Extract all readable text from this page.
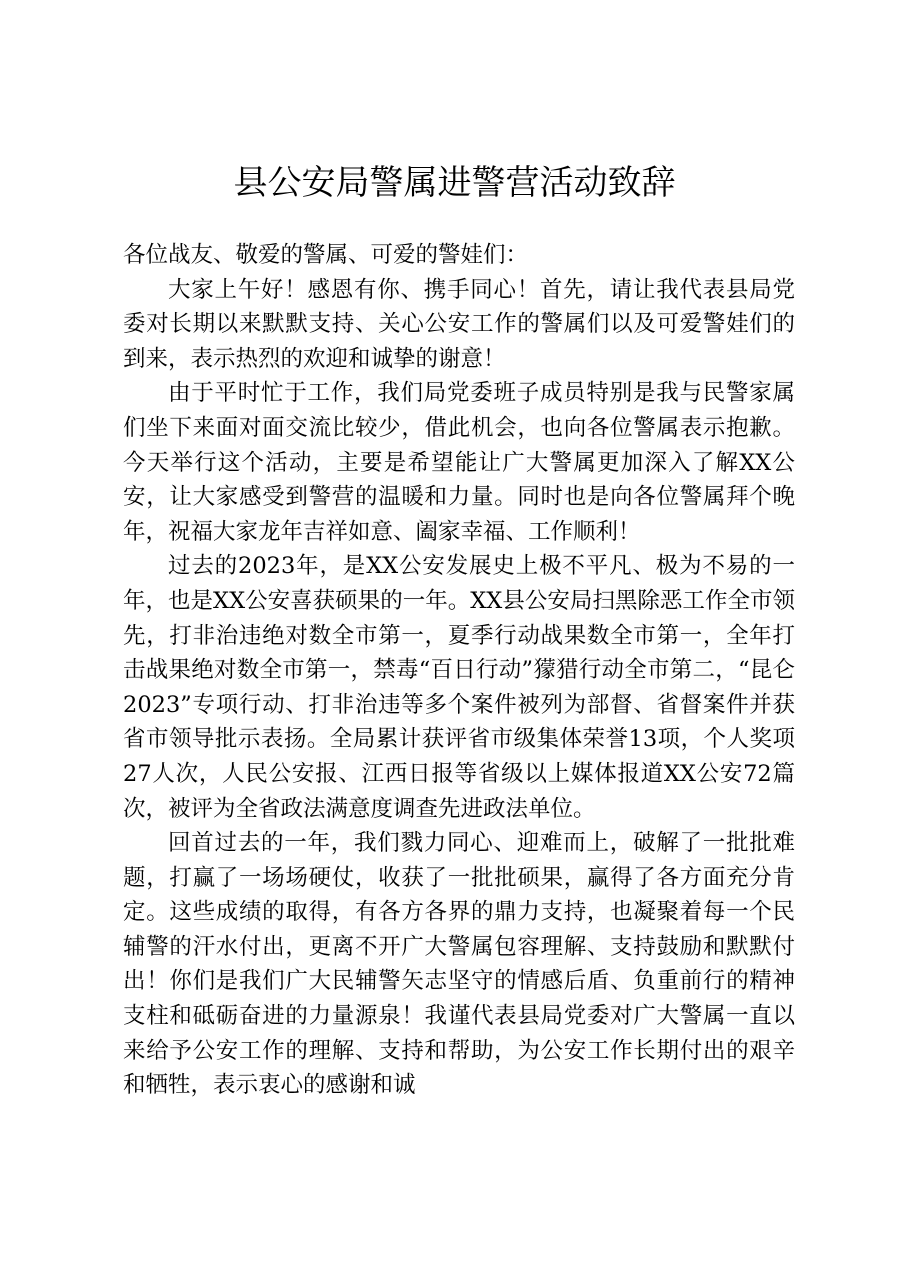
县公安局警属进警营活动致辞

各位战友、敬爱的警属、可爱的警娃们：

大家上午好！感恩有你、携手同心！首先，请让我代表县局党委对长期以来默默支持、关心公安工作的警属们以及可爱警娃们的到来，表示热烈的欢迎和诚挚的谢意！

由于平时忙于工作，我们局党委班子成员特别是我与民警家属们坐下来面对面交流比较少，借此机会，也向各位警属表示抱歉。今天举行这个活动，主要是希望能让广大警属更加深入了解XX公安，让大家感受到警营的温暖和力量。同时也是向各位警属拜个晚年，祝福大家龙年吉祥如意、阖家幸福、工作顺利！

过去的2023年，是XX公安发展史上极不平凡、极为不易的一年，也是XX公安喜获硕果的一年。XX县公安局扫黑除恶工作全市领先，打非治违绝对数全市第一，夏季行动战果数全市第一，全年打击战果绝对数全市第一，禁毒“百日行动”獴猎行动全市第二，“昆仑2023”专项行动、打非治违等多个案件被列为部督、省督案件并获省市领导批示表扬。全局累计获评省市级集体荣誉13项，个人奖项27人次，人民公安报、江西日报等省级以上媒体报道XX公安72篇次，被评为全省政法满意度调查先进政法单位。

回首过去的一年，我们戮力同心、迎难而上，破解了一批批难题，打赢了一场场硬仗，收获了一批批硕果，赢得了各方面充分肯定。这些成绩的取得，有各方各界的鼎力支持，也凝聚着每一个民辅警的汗水付出，更离不开广大警属包容理解、支持鼓励和默默付出！你们是我们广大民辅警矢志坚守的情感后盾、负重前行的精神支柱和砥砺奋进的力量源泉！我谨代表县局党委对广大警属一直以来给予公安工作的理解、支持和帮助，为公安工作长期付出的艰辛和牺牲，表示衷心的感谢和诚
